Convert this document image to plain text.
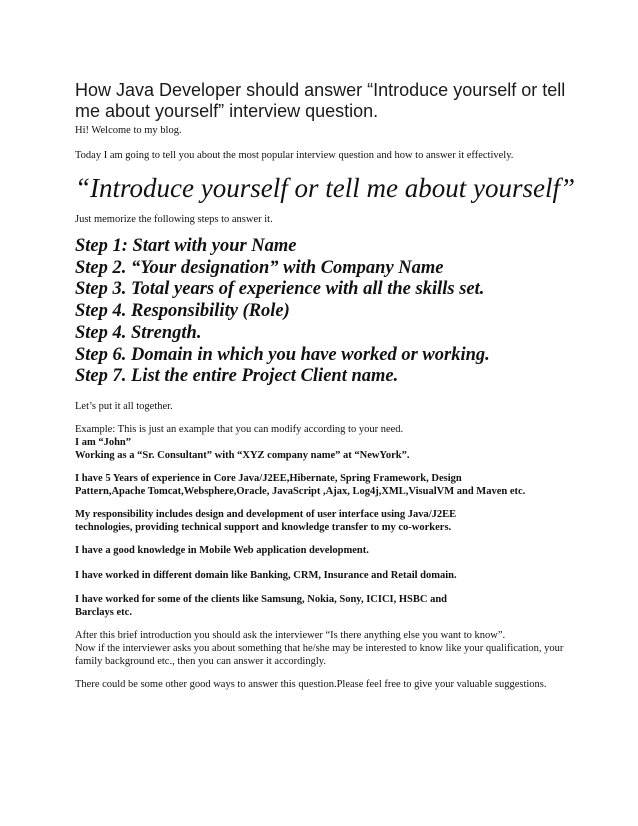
How Java Developer should answer “Introduce yourself or tell me about yourself” interview question.

Hi! Welcome to my blog.

Today I am going to tell you about the most popular interview question and how to answer it effectively.

“Introduce yourself or tell me about yourself”

Just memorize the following steps to answer it.

Step 1: Start with your Name
Step 2. “Your designation” with Company Name
Step 3. Total years of experience with all the skills set.
Step 4. Responsibility (Role)
Step 4. Strength.
Step 6. Domain in which you have worked or working.
Step 7. List the entire Project Client name.

Let’s put it all together.

Example: This is just an example that you can modify according to your need.

I am “John”

Working as a “Sr. Consultant” with “XYZ company name” at “NewYork”.

I have 5 Years of experience in Core Java/J2EE,Hibernate, Spring Framework, Design

Pattern,Apache Tomcat,Websphere,Oracle, JavaScript ,Ajax, Log4j,XML,VisualVM and Maven etc.

My responsibility includes design and development of user interface using Java/J2EE

technologies, providing technical support and knowledge transfer to my co-workers.

I have a good knowledge in Mobile Web application development.

I have worked in different domain like Banking, CRM, Insurance and Retail domain.

I have worked for some of the clients like Samsung, Nokia, Sony, ICICI, HSBC and

Barclays etc.

After this brief introduction you should ask the interviewer “Is there anything else you want to know”.

Now if the interviewer asks you about something that he/she may be interested to know like your qualification, your

family background etc., then you can answer it accordingly.

There could be some other good ways to answer this question.Please feel free to give your valuable suggestions.
